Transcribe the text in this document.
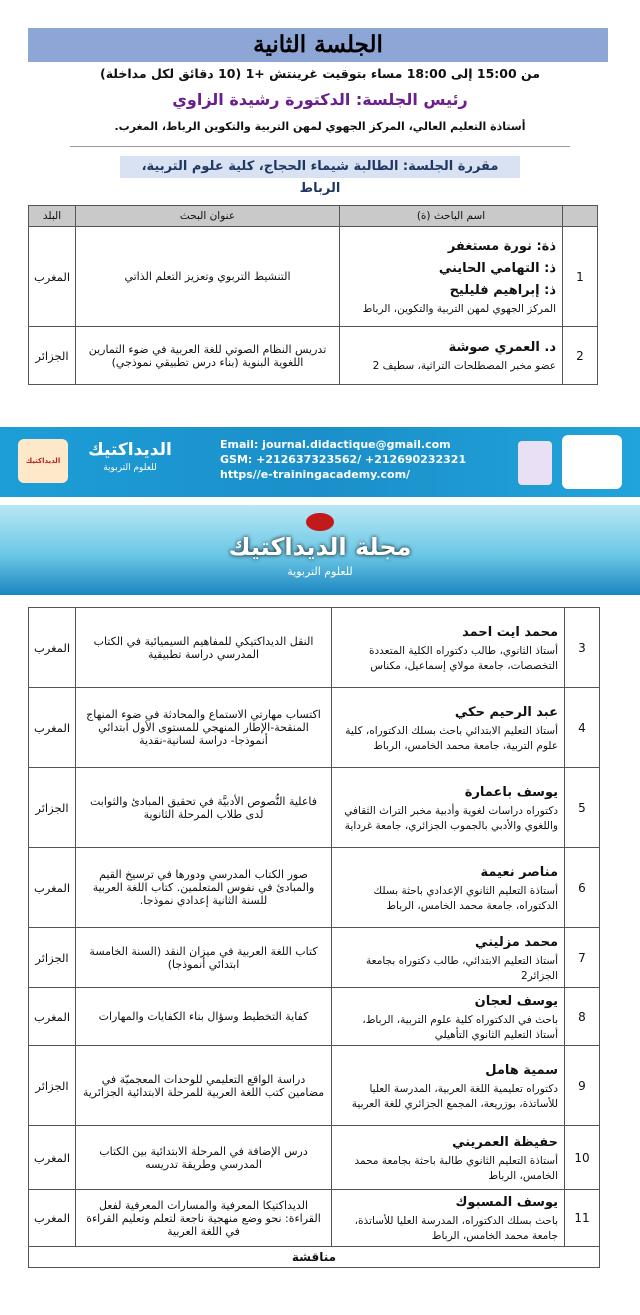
الجلسة الثانية
من 15:00 إلى 18:00 مساء بتوقيت غرينتش +1 (10 دقائق لكل مداخلة)
رئيس الجلسة: الدكتورة رشيدة الزاوي
أستاذة التعليم العالي، المركز الجهوي لمهن التربية والتكوين الرباط، المغرب.
مقررة الجلسة: الطالبة شيماء الحجاج، كلية علوم التربية، الرباط
	اسم الباحث (ة)	عنوان البحث	البلد
1	ذة: نورة مستغفر
ذ: التهامي الحايني
ذ: إبراهيم فليليح
المركز الجهوي لمهن التربية والتكوين، الرباط	التنشيط التربوي وتعزيز التعلم الذاتي	المغرب
2	د. العمري صوشة
عضو مخبر المصطلحات التراثية، سطيف 2	تدريس النظام الصوتي للغة العربية في ضوء التمارين اللغوية البنوية (بناء درس تطبيقي نموذجي)	الجزائر
الديداكتيك
الديداكتيك
للعلوم التربوية
Email: journal.didactique@gmail.com
GSM: +212637323562/ +212690232321
https//e-trainingacademy.com/
مجلة الديداكتيك
للعلوم التربوية
3	محمد ايت احمد
أستاذ الثانوي، طالب دكتوراه الكلية المتعددة التخصصات، جامعة مولاي إسماعيل، مكناس	النقل الديداكتيكي للمفاهيم السيميائية في الكتاب المدرسي دراسة تطبيقية	المغرب
4	عبد الرحيم حكي
أستاذ التعليم الابتدائي باحث بسلك الدكتوراه، كلية علوم التربية، جامعة محمد الخامس، الرباط	اكتساب مهارتي الاستماع والمحادثة في ضوء المنهاج المنقحة-الإطار المنهجي للمستوى الأول ابتدائي أنموذجا- دراسة لسانية-نقدية	المغرب
5	يوسف باعمارة
دكتوراه دراسات لغوية وأدبية مخبر التراث الثقافي واللغوي والأدبي بالجموب الجزائري، جامعة غرداية	فاعلية النُّصوص الأدبيَّة في تحقيق المبادئ والثوابت لدى طلاب المرحلة الثانوية	الجزائر
6	مناصر نعيمة
أستاذة التعليم الثانوي الإعدادي باحثة بسلك الدكتوراه، جامعة محمد الخامس، الرباط	صور الكتاب المدرسي ودورها في ترسيخ القيم والمبادئ في نفوس المتعلمين. كتاب اللغة العربية للسنة الثانية إعدادي نموذجا.	المغرب
7	محمد مزليني
أستاذ التعليم الابتدائي، طالب دكتوراه بجامعة الجزائر2	كتاب اللغة العربية في ميزان النقد (السنة الخامسة ابتدائي أنموذجا)	الجزائر
8	يوسف لعجان
باحث في الدكتوراه كلية علوم التربية، الرباط، أستاذ التعليم الثانوي التأهيلي	كفاية التخطيط وسؤال بناء الكفايات والمهارات	المغرب
9	سمية هامل
دكتوراه تعليمية اللغة العربية، المدرسة العليا للأساتذة، بوزريعة، المجمع الجزائري للغة العربية	دراسة الواقع التعليمي للوحدات المعجميّة في مضامين كتب اللغة العربية للمرحلة الابتدائية الجزائرية	الجزائر
10	حفيظة العمريني
أستاذة التعليم الثانوي طالبة باحثة بجامعة محمد الخامس، الرباط	درس الإضافة في المرحلة الابتدائية بين الكتاب المدرسي وطريقة تدريسه	المغرب
11	يوسف المسبوك
باحث بسلك الدكتوراه، المدرسة العليا للأساتذة، جامعة محمد الخامس، الرباط	الديداكتيكا المعرفية والمسارات المعرفية لفعل القراءة: نحو وضع منهجية ناجعة لتعلم وتعليم القراءة في اللغة العربية	المغرب
مناقشة			
